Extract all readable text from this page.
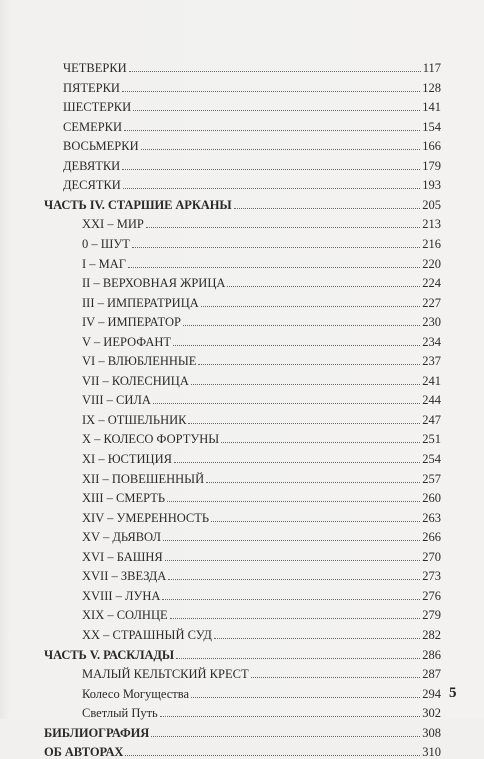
ЧЕТВЕРКИ	117
ПЯТЕРКИ	128
ШЕСТЕРКИ	141
СЕМЕРКИ	154
ВОСЬМЕРКИ	166
ДЕВЯТКИ	179
ДЕСЯТКИ	193
ЧАСТЬ IV. СТАРШИЕ АРКАНЫ	205
XXI – МИР	213
0 – ШУТ	216
I – МАГ	220
II – ВЕРХОВНАЯ ЖРИЦА	224
III – ИМПЕРАТРИЦА	227
IV – ИМПЕРАТОР	230
V – ИЕРОФАНТ	234
VI – ВЛЮБЛЕННЫЕ	237
VII – КОЛЕСНИЦА	241
VIII – СИЛА	244
IX – ОТШЕЛЬНИК	247
X – КОЛЕСО ФОРТУНЫ	251
XI – ЮСТИЦИЯ	254
XII – ПОВЕШЕННЫЙ	257
XIII – СМЕРТЬ	260
XIV – УМЕРЕННОСТЬ	263
XV – ДЬЯВОЛ	266
XVI – БАШНЯ	270
XVII – ЗВЕЗДА	273
XVIII – ЛУНА	276
XIX – СОЛНЦЕ	279
XX – СТРАШНЫЙ СУД	282
ЧАСТЬ V. РАСКЛАДЫ	286
МАЛЫЙ КЕЛЬТСКИЙ КРЕСТ	287
Колесо Могущества	294
Светлый Путь	302
БИБЛИОГРАФИЯ	308
ОБ АВТОРАХ	310
5
